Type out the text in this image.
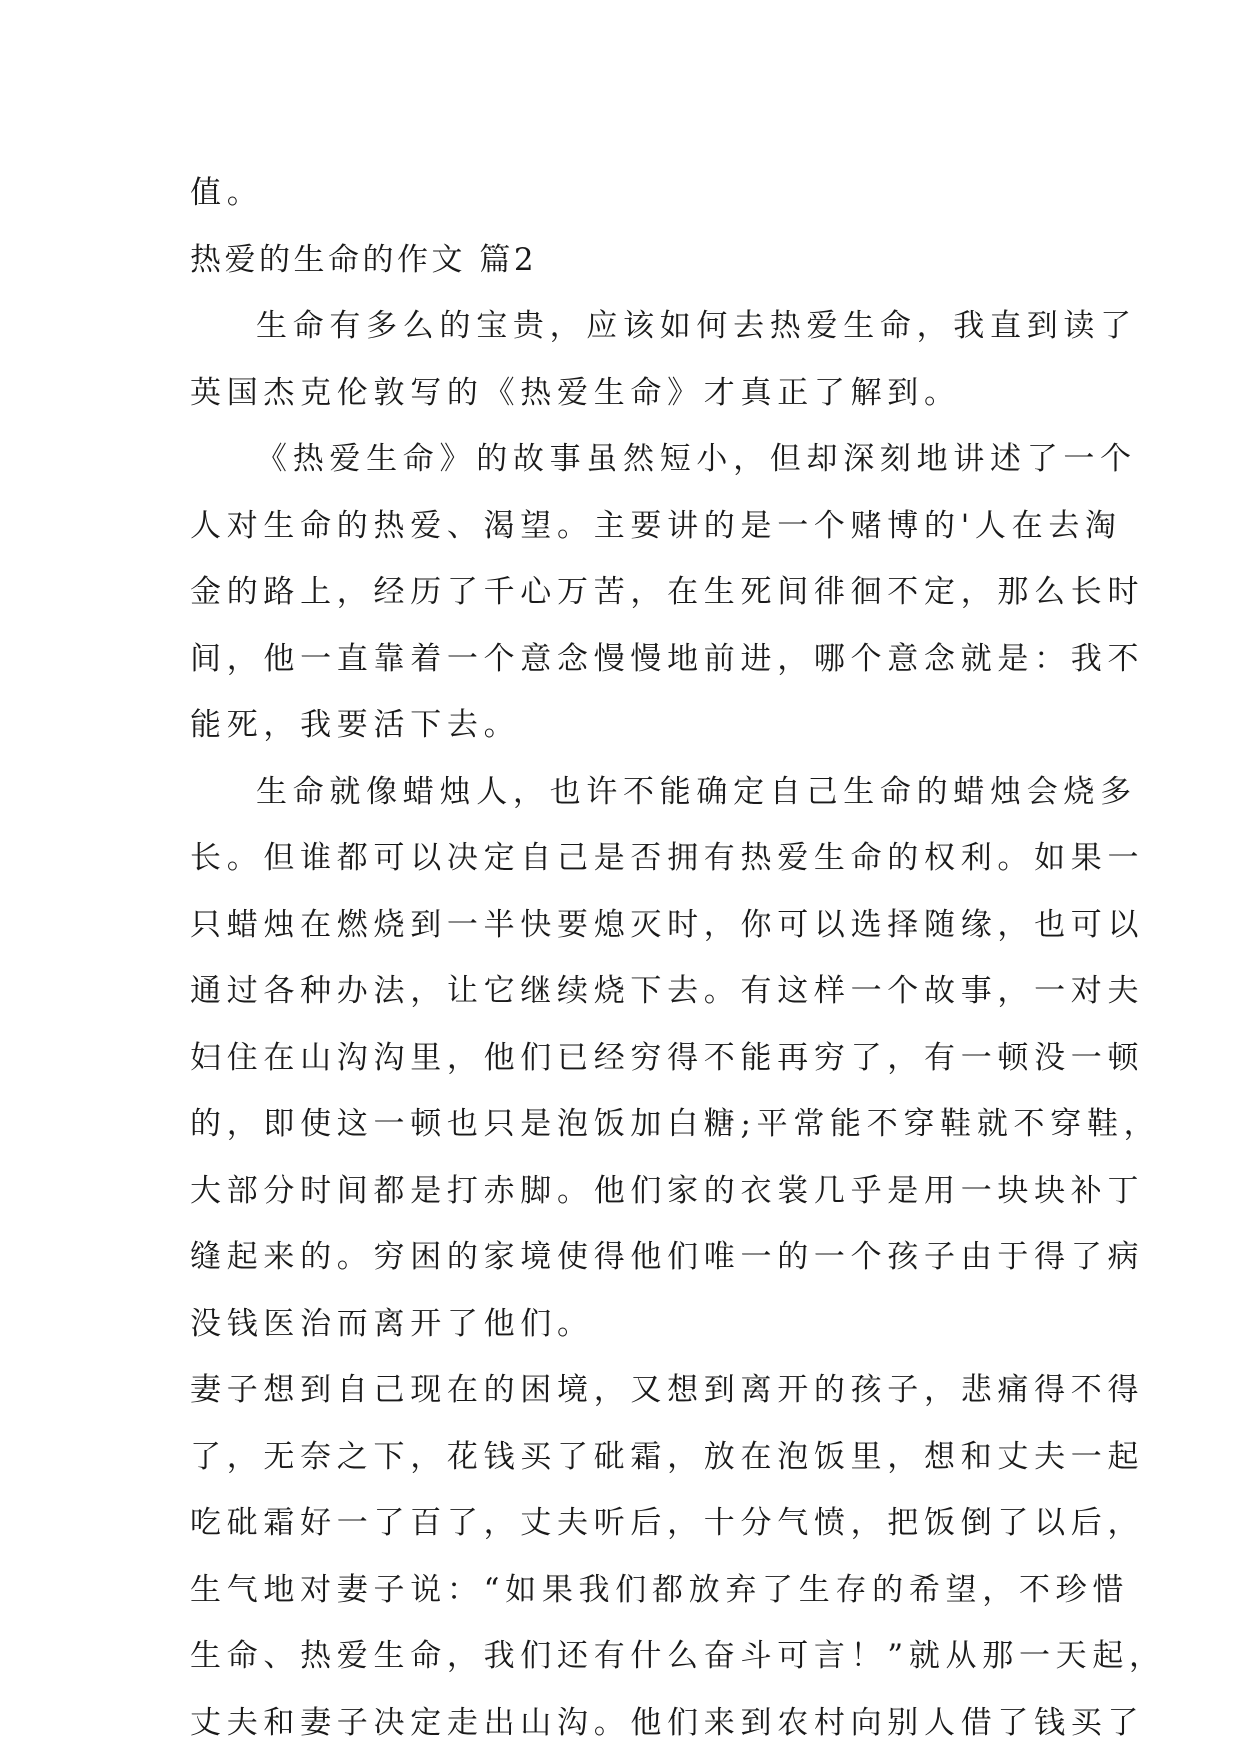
值。

热爱的生命的作文 篇2

生命有多么的宝贵，应该如何去热爱生命，我直到读了

英国杰克伦敦写的《热爱生命》才真正了解到。

《热爱生命》的故事虽然短小，但却深刻地讲述了一个

人对生命的热爱、渴望。主要讲的是一个赌博的'人在去淘

金的路上，经历了千心万苦，在生死间徘徊不定，那么长时

间，他一直靠着一个意念慢慢地前进，哪个意念就是：我不

能死，我要活下去。

生命就像蜡烛人，也许不能确定自己生命的蜡烛会烧多

长。但谁都可以决定自己是否拥有热爱生命的权利。如果一

只蜡烛在燃烧到一半快要熄灭时，你可以选择随缘，也可以

通过各种办法，让它继续烧下去。有这样一个故事，一对夫

妇住在山沟沟里，他们已经穷得不能再穷了，有一顿没一顿

的，即使这一顿也只是泡饭加白糖;平常能不穿鞋就不穿鞋，

大部分时间都是打赤脚。他们家的衣裳几乎是用一块块补丁

缝起来的。穷困的家境使得他们唯一的一个孩子由于得了病

没钱医治而离开了他们。

妻子想到自己现在的困境，又想到离开的孩子，悲痛得不得

了，无奈之下，花钱买了砒霜，放在泡饭里，想和丈夫一起

吃砒霜好一了百了，丈夫听后，十分气愤，把饭倒了以后，

生气地对妻子说：“如果我们都放弃了生存的希望，不珍惜

生命、热爱生命，我们还有什么奋斗可言！”就从那一天起，

丈夫和妻子决定走出山沟。他们来到农村向别人借了钱买了
